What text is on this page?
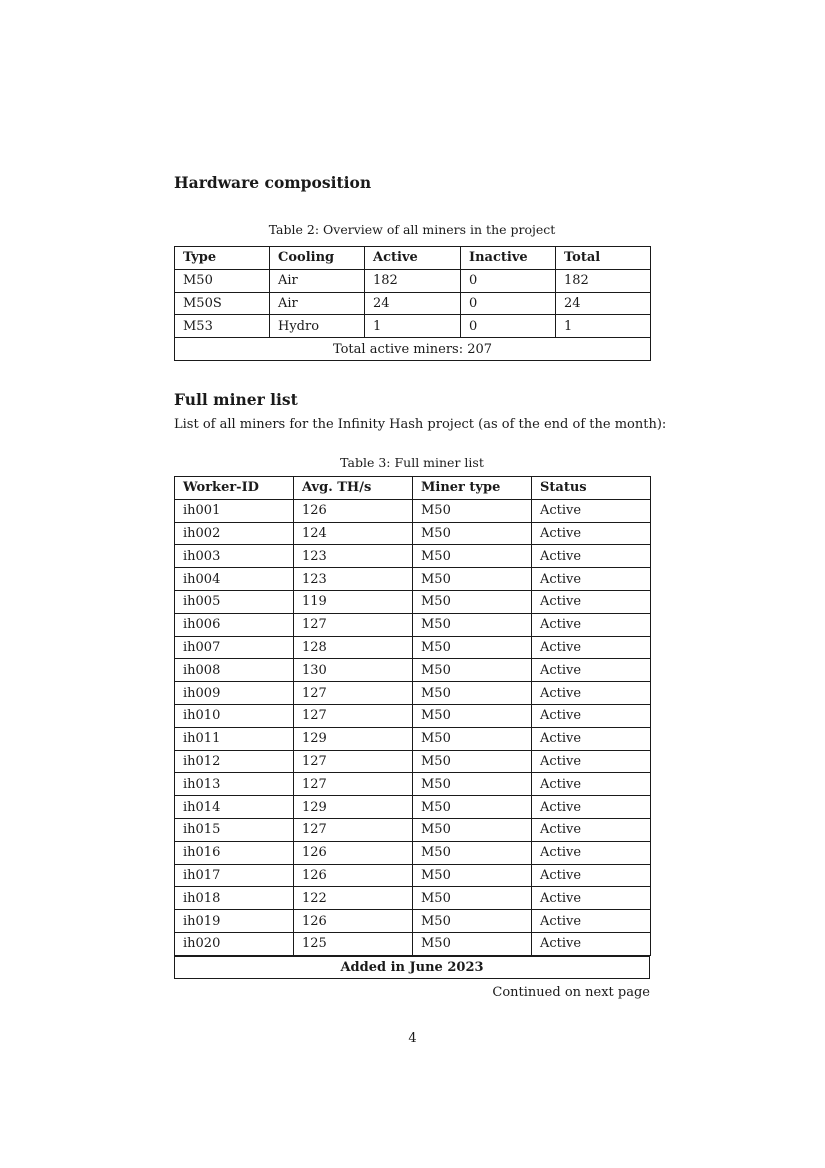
Hardware composition
Table 2: Overview of all miners in the project
Type	Cooling	Active	Inactive	Total
M50	Air	182	0	182
M50S	Air	24	0	24
M53	Hydro	1	0	1
Total active miners: 207				
Full miner list
List of all miners for the Infinity Hash project (as of the end of the month):
Table 3: Full miner list
Worker-ID	Avg. TH/s	Miner type	Status
ih001	126	M50	Active
ih002	124	M50	Active
ih003	123	M50	Active
ih004	123	M50	Active
ih005	119	M50	Active
ih006	127	M50	Active
ih007	128	M50	Active
ih008	130	M50	Active
ih009	127	M50	Active
ih010	127	M50	Active
ih011	129	M50	Active
ih012	127	M50	Active
ih013	127	M50	Active
ih014	129	M50	Active
ih015	127	M50	Active
ih016	126	M50	Active
ih017	126	M50	Active
ih018	122	M50	Active
ih019	126	M50	Active
ih020	125	M50	Active
Added in June 2023
Continued on next page
4
